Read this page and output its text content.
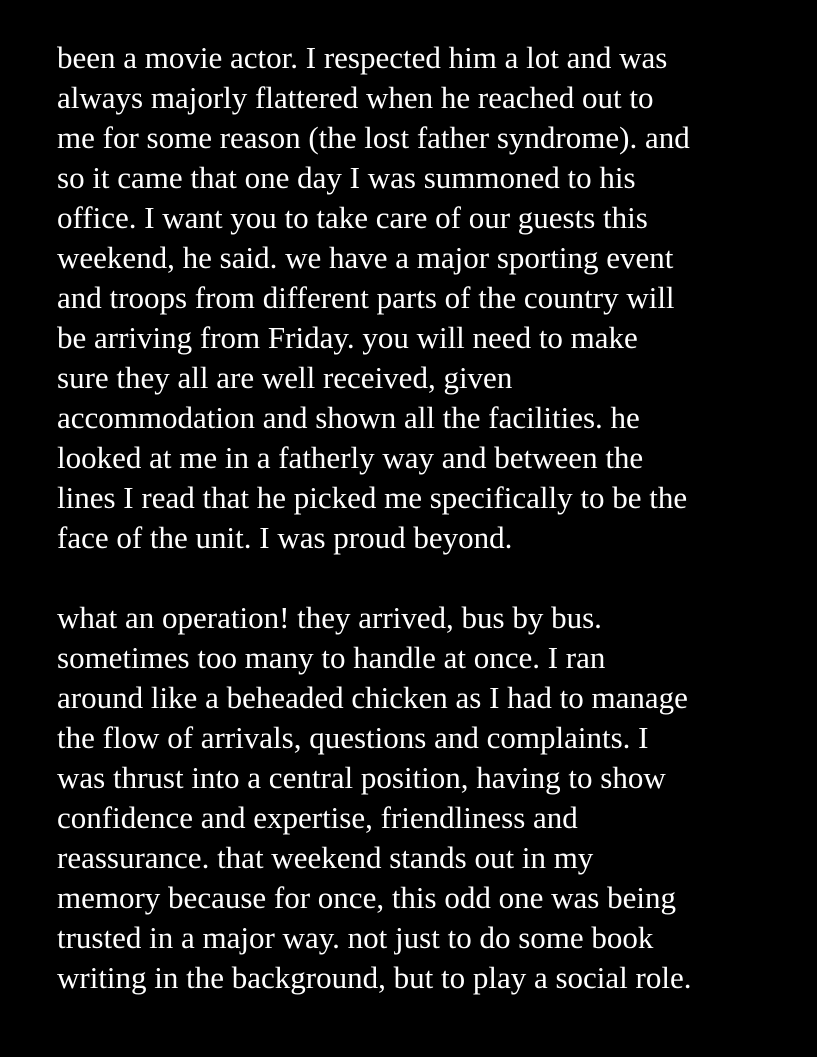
been a movie actor. I respected him a lot and was
always majorly flattered when he reached out to
me for some reason (the lost father syndrome). and
so it came that one day I was summoned to his
office. I want you to take care of our guests this
weekend, he said. we have a major sporting event
and troops from different parts of the country will
be arriving from Friday. you will need to make
sure they all are well received, given
accommodation and shown all the facilities. he
looked at me in a fatherly way and between the
lines I read that he picked me specifically to be the
face of the unit. I was proud beyond.
what an operation! they arrived, bus by bus.
sometimes too many to handle at once. I ran
around like a beheaded chicken as I had to manage
the flow of arrivals, questions and complaints. I
was thrust into a central position, having to show
confidence and expertise, friendliness and
reassurance. that weekend stands out in my
memory because for once, this odd one was being
trusted in a major way. not just to do some book
writing in the background, but to play a social role.
